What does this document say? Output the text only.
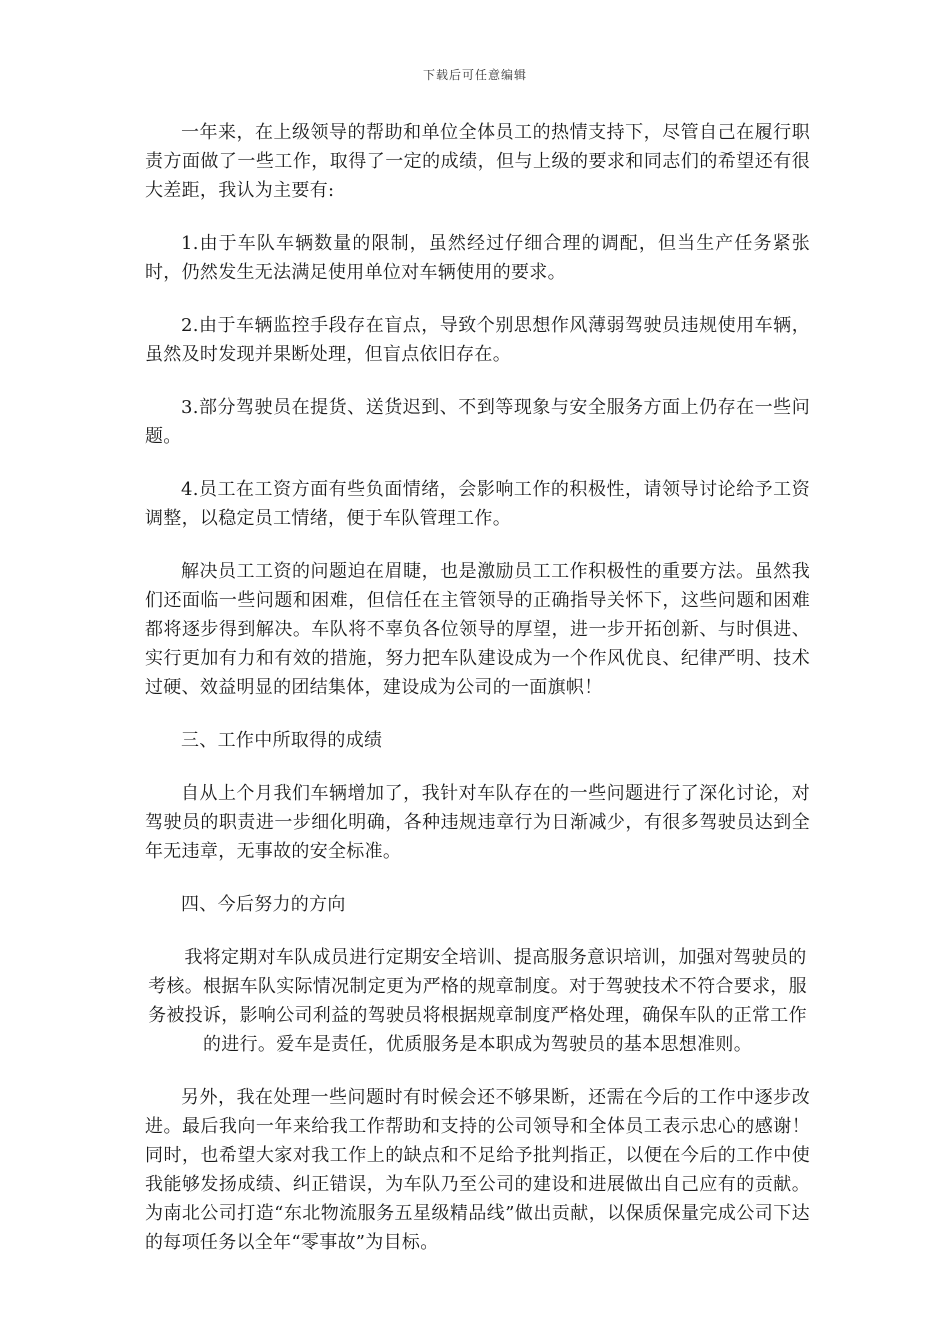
下载后可任意编辑

一年来，在上级领导的帮助和单位全体员工的热情支持下，尽管自己在履行职责方面做了一些工作，取得了一定的成绩，但与上级的要求和同志们的希望还有很大差距，我认为主要有:

1.由于车队车辆数量的限制，虽然经过仔细合理的调配，但当生产任务紧张时，仍然发生无法满足使用单位对车辆使用的要求。

2.由于车辆监控手段存在盲点，导致个别思想作风薄弱驾驶员违规使用车辆，虽然及时发现并果断处理，但盲点依旧存在。

3.部分驾驶员在提货、送货迟到、不到等现象与安全服务方面上仍存在一些问题。

4.员工在工资方面有些负面情绪，会影响工作的积极性，请领导讨论给予工资调整，以稳定员工情绪，便于车队管理工作。

解决员工工资的问题迫在眉睫，也是激励员工工作积极性的重要方法。虽然我们还面临一些问题和困难，但信任在主管领导的正确指导关怀下，这些问题和困难都将逐步得到解决。车队将不辜负各位领导的厚望，进一步开拓创新、与时俱进、实行更加有力和有效的措施，努力把车队建设成为一个作风优良、纪律严明、技术过硬、效益明显的团结集体，建设成为公司的一面旗帜！

三、工作中所取得的成绩

自从上个月我们车辆增加了，我针对车队存在的一些问题进行了深化讨论，对驾驶员的职责进一步细化明确，各种违规违章行为日渐减少，有很多驾驶员达到全年无违章，无事故的安全标准。

四、今后努力的方向

我将定期对车队成员进行定期安全培训、提高服务意识培训，加强对驾驶员的考核。根据车队实际情况制定更为严格的规章制度。对于驾驶技术不符合要求，服务被投诉，影响公司利益的驾驶员将根据规章制度严格处理，确保车队的正常工作的进行。爱车是责任，优质服务是本职成为驾驶员的基本思想准则。

另外，我在处理一些问题时有时候会还不够果断，还需在今后的工作中逐步改进。最后我向一年来给我工作帮助和支持的公司领导和全体员工表示忠心的感谢！同时，也希望大家对我工作上的缺点和不足给予批判指正，以便在今后的工作中使我能够发扬成绩、纠正错误，为车队乃至公司的建设和进展做出自己应有的贡献。为南北公司打造“东北物流服务五星级精品线”做出贡献，以保质保量完成公司下达的每项任务以全年“零事故”为目标。
